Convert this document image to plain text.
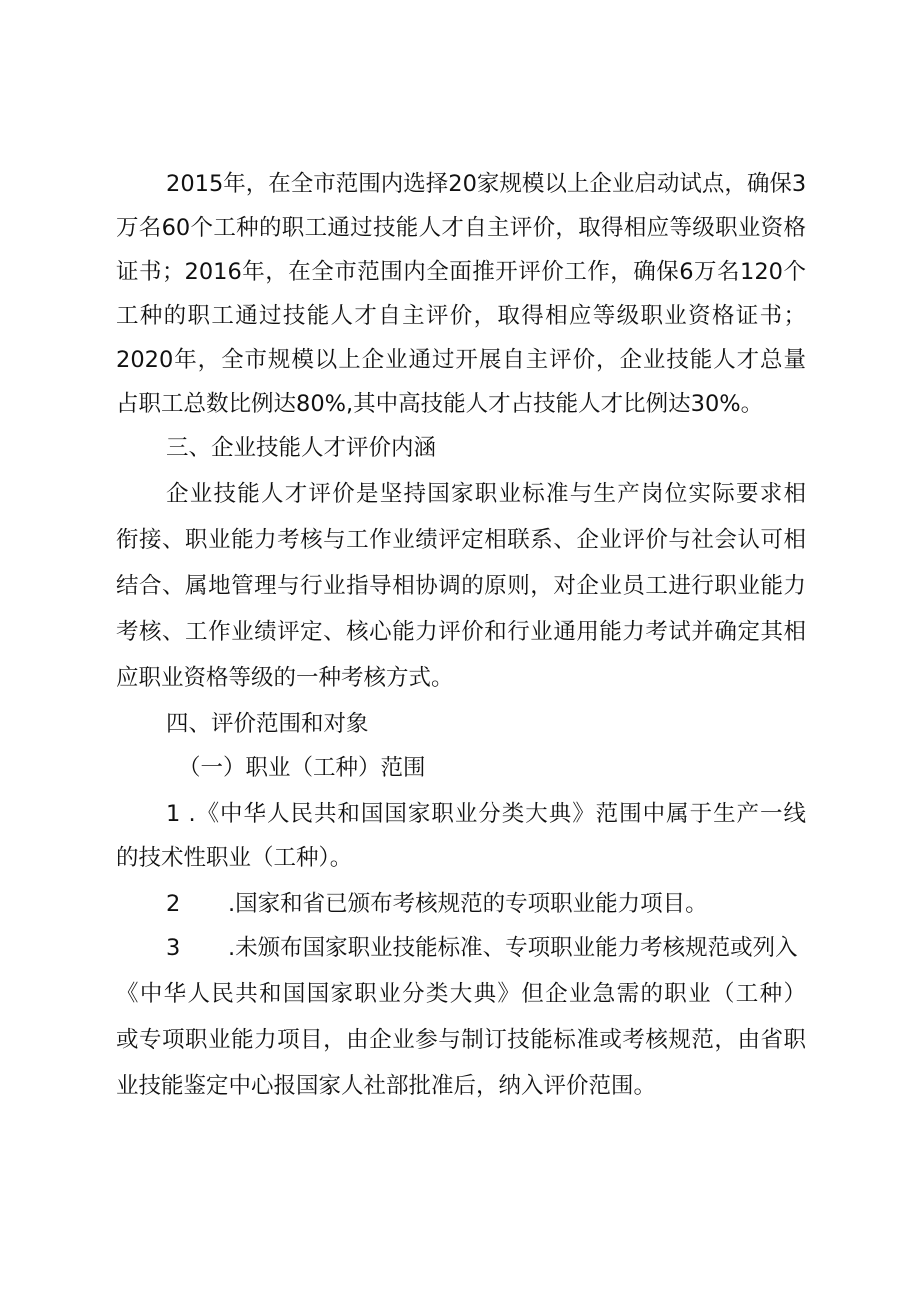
2015年，在全市范围内选择20家规模以上企业启动试点，确保3
万名60个工种的职工通过技能人才自主评价，取得相应等级职业资格
证书；2016年，在全市范围内全面推开评价工作，确保6万名120个
工种的职工通过技能人才自主评价，取得相应等级职业资格证书；
2020年，全市规模以上企业通过开展自主评价，企业技能人才总量
占职工总数比例达80%,其中高技能人才占技能人才比例达30%。
三、企业技能人才评价内涵
企业技能人才评价是坚持国家职业标准与生产岗位实际要求相
衔接、职业能力考核与工作业绩评定相联系、企业评价与社会认可相
结合、属地管理与行业指导相协调的原则，对企业员工进行职业能力
考核、工作业绩评定、核心能力评价和行业通用能力考试并确定其相
应职业资格等级的一种考核方式。
四、评价范围和对象
（一）职业（工种）范围
1 .《中华人民共和国国家职业分类大典》范围中属于生产一线
的技术性职业（工种）。
2 .国家和省已颁布考核规范的专项职业能力项目。
3 .未颁布国家职业技能标准、专项职业能力考核规范或列入
《中华人民共和国国家职业分类大典》但企业急需的职业（工种）
或专项职业能力项目，由企业参与制订技能标准或考核规范，由省职
业技能鉴定中心报国家人社部批准后，纳入评价范围。
